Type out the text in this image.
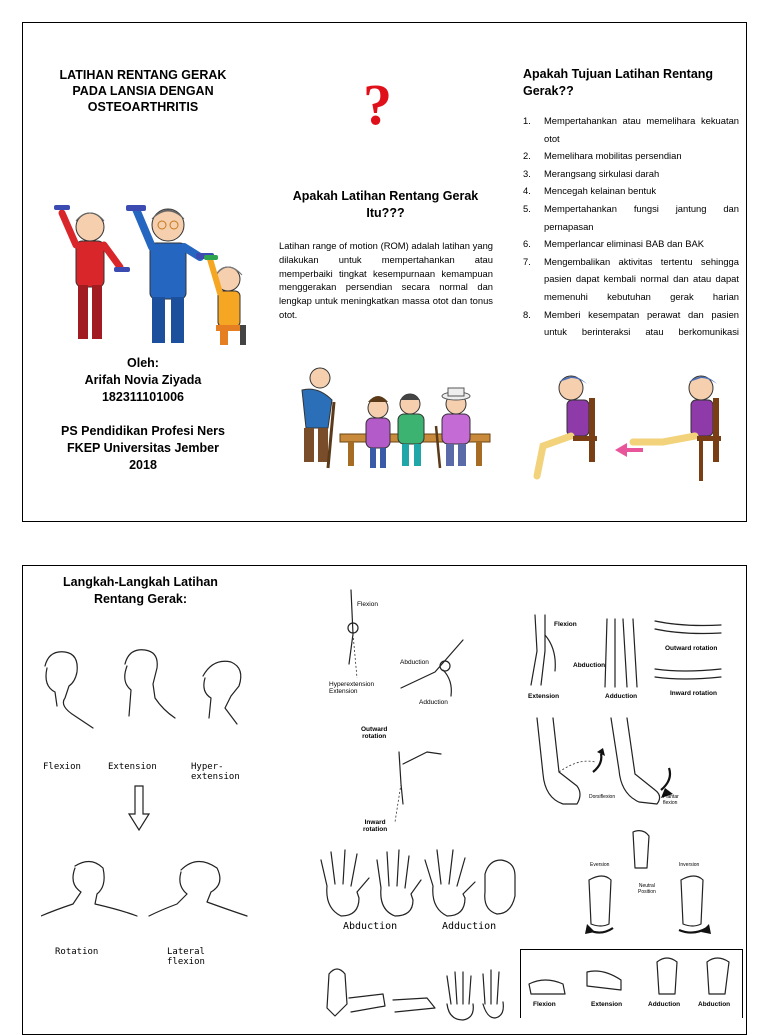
LATIHAN RENTANG GERAK PADA LANSIA DENGAN OSTEOARTHRITIS
Oleh:
Arifah Novia Ziyada
182311101006
PS Pendidikan Profesi Ners
FKEP Universitas Jember
2018
?
Apakah Latihan Rentang Gerak Itu???
Latihan range of motion (ROM) adalah latihan yang dilakukan untuk mempertahankan atau memperbaiki tingkat kesempurnaan kemampuan menggerakan persendian secara normal dan lengkap untuk meningkatkan massa otot dan tonus otot.
Apakah Tujuan Latihan Rentang Gerak??
1. Mempertahankan atau memelihara kekuatan otot
2. Memelihara mobilitas persendian
3. Merangsang sirkulasi darah
4. Mencegah kelainan bentuk
5. Mempertahankan fungsi jantung dan pernapasan
6. Memperlancar eliminasi BAB dan BAK
7. Mengembalikan aktivitas tertentu sehingga pasien dapat kembali normal dan atau dapat memenuhi kebutuhan gerak harian
8. Memberi kesempatan perawat dan pasien untuk berinteraksi atau berkomunikasi
Langkah-Langkah Latihan Rentang Gerak:
Flexion	Extension	Hyper-
extension
Rotation	Lateral
flexion
Flexion
Hyperextension
Extension
Abduction
Adduction
Outward
rotation
Inward
rotation
Abduction	Adduction
Flexion
Extension
Abduction
Adduction
Outward rotation
Inward rotation
Dorsiflexion	Plantar
flexion
Eversion	Inversion
Neutral
Position
Flexion	Extension	Adduction	Abduction
